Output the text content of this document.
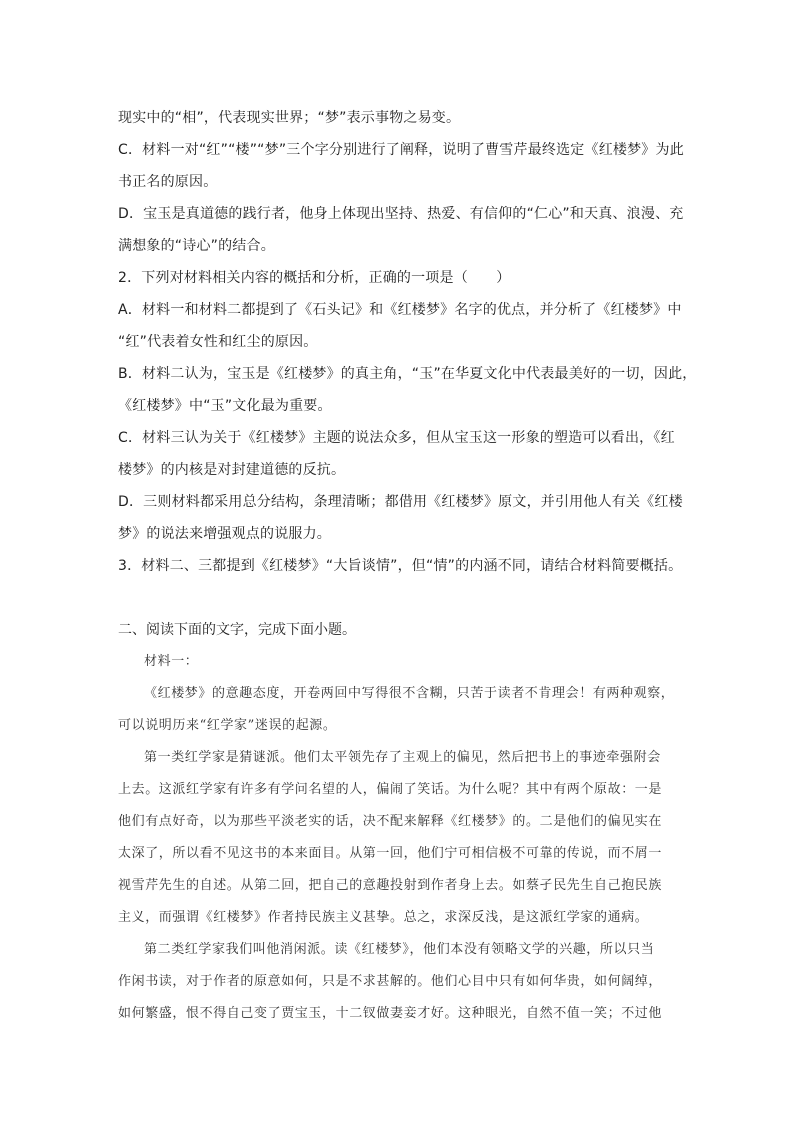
现实中的“相”，代表现实世界；“梦”表示事物之易变。

C．材料一对“红”“楼”“梦”三个字分别进行了阐释，说明了曹雪芹最终选定《红楼梦》为此

书正名的原因。

D．宝玉是真道德的践行者，他身上体现出坚持、热爱、有信仰的“仁心”和天真、浪漫、充

满想象的“诗心”的结合。

2．下列对材料相关内容的概括和分析，正确的一项是（　　）

A．材料一和材料二都提到了《石头记》和《红楼梦》名字的优点，并分析了《红楼梦》中

“红”代表着女性和红尘的原因。

B．材料二认为，宝玉是《红楼梦》的真主角，“玉”在华夏文化中代表最美好的一切，因此，

《红楼梦》中“玉”文化最为重要。

C．材料三认为关于《红楼梦》主题的说法众多，但从宝玉这一形象的塑造可以看出，《红

楼梦》的内核是对封建道德的反抗。

D．三则材料都采用总分结构，条理清晰；都借用《红楼梦》原文，并引用他人有关《红楼

梦》的说法来增强观点的说服力。

3．材料二、三都提到《红楼梦》“大旨谈情”，但“情”的内涵不同，请结合材料简要概括。

二、阅读下面的文字，完成下面小题。

材料一：

《红楼梦》的意趣态度，开卷两回中写得很不含糊，只苦于读者不肯理会！有两种观察，

可以说明历来“红学家”迷误的起源。

第一类红学家是猜谜派。他们太平领先存了主观上的偏见，然后把书上的事迹牵强附会

上去。这派红学家有许多有学问名望的人，偏闹了笑话。为什么呢？其中有两个原故：一是

他们有点好奇，以为那些平淡老实的话，决不配来解释《红楼梦》的。二是他们的偏见实在

太深了，所以看不见这书的本来面目。从第一回，他们宁可相信极不可靠的传说，而不屑一

视雪芹先生的自述。从第二回，把自己的意趣投射到作者身上去。如蔡孑民先生自己抱民族

主义，而强谓《红楼梦》作者持民族主义甚挚。总之，求深反浅，是这派红学家的通病。

第二类红学家我们叫他消闲派。读《红楼梦》，他们本没有领略文学的兴趣，所以只当

作闲书读，对于作者的原意如何，只是不求甚解的。他们心目中只有如何华贵，如何阔绰，

如何繁盛，恨不得自己变了贾宝玉，十二钗做妻妾才好。这种眼光，自然不值一笑；不过他
